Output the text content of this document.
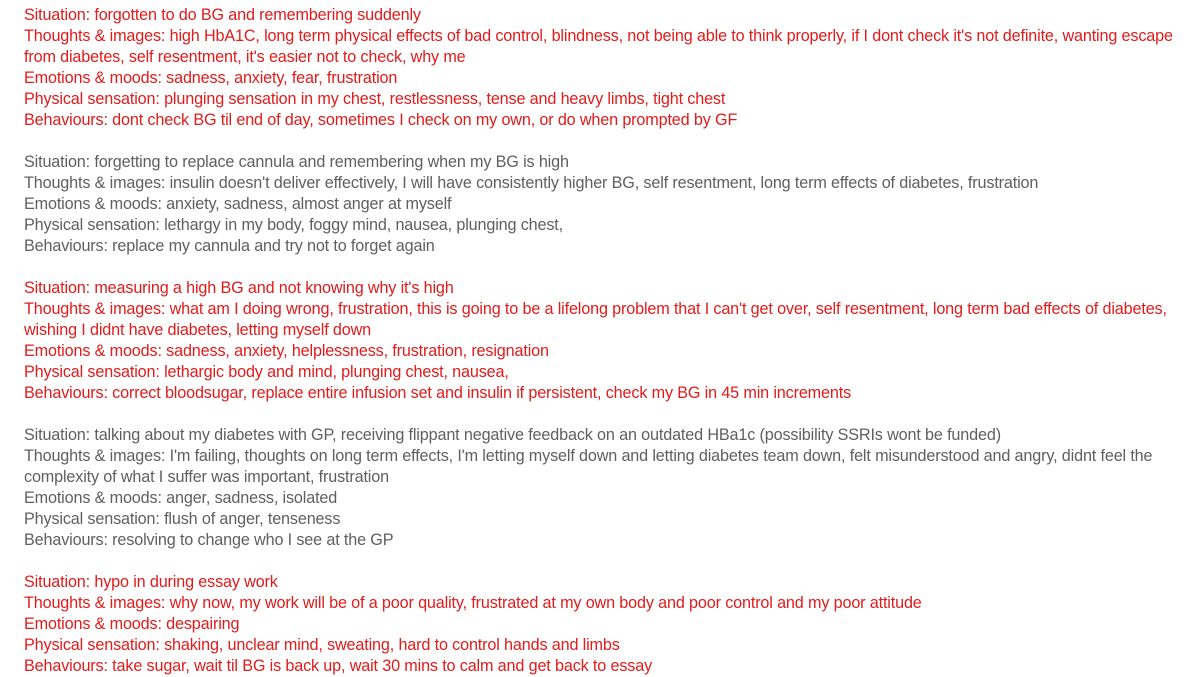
Situation: forgotten to do BG and remembering suddenly
Thoughts & images: high HbA1C, long term physical effects of bad control, blindness, not being able to think properly, if I dont check it's not definite, wanting escape from diabetes, self resentment, it's easier not to check, why me
Emotions & moods: sadness, anxiety, fear, frustration
Physical sensation: plunging sensation in my chest, restlessness, tense and heavy limbs, tight chest
Behaviours: dont check BG til end of day, sometimes I check on my own, or do when prompted by GF
Situation: forgetting to replace cannula and remembering when my BG is high
Thoughts & images: insulin doesn't deliver effectively, I will have consistently higher BG, self resentment, long term effects of diabetes, frustration
Emotions & moods: anxiety, sadness, almost anger at myself
Physical sensation: lethargy in my body, foggy mind, nausea, plunging chest,
Behaviours: replace my cannula and try not to forget again
Situation: measuring a high BG and not knowing why it's high
Thoughts & images: what am I doing wrong, frustration, this is going to be a lifelong problem that I can't get over, self resentment, long term bad effects of diabetes, wishing I didnt have diabetes, letting myself down
Emotions & moods: sadness, anxiety, helplessness, frustration, resignation
Physical sensation: lethargic body and mind, plunging chest, nausea,
Behaviours: correct bloodsugar, replace entire infusion set and insulin if persistent, check my BG in 45 min increments
Situation: talking about my diabetes with GP, receiving flippant negative feedback on an outdated HBa1c (possibility SSRIs wont be funded)
Thoughts & images: I'm failing, thoughts on long term effects, I'm letting myself down and letting diabetes team down, felt misunderstood and angry, didnt feel the complexity of what I suffer was important, frustration
Emotions & moods: anger, sadness, isolated
Physical sensation: flush of anger, tenseness
Behaviours: resolving to change who I see at the GP
Situation: hypo in during essay work
Thoughts & images: why now, my work will be of a poor quality, frustrated at my own body and poor control and my poor attitude
Emotions & moods: despairing
Physical sensation: shaking, unclear mind, sweating, hard to control hands and limbs
Behaviours: take sugar, wait til BG is back up, wait 30 mins to calm and get back to essay
